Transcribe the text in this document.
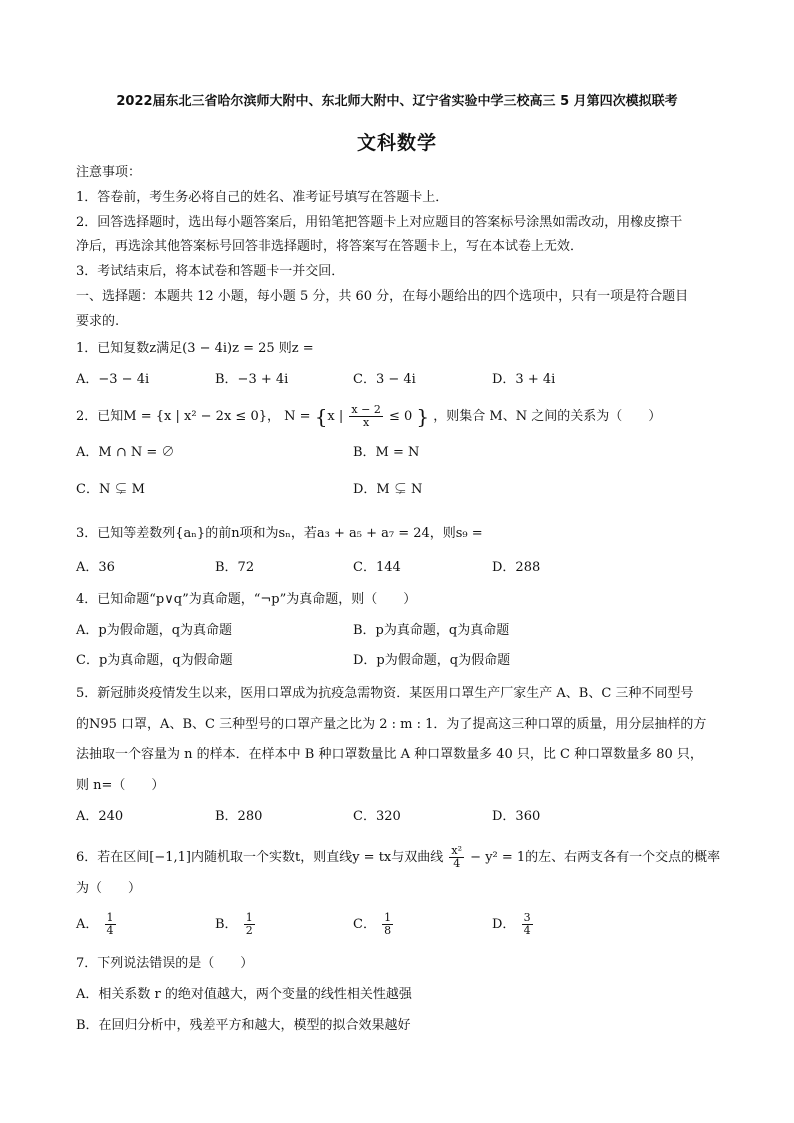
2022届东北三省哈尔滨师大附中、东北师大附中、辽宁省实验中学三校高三 5 月第四次模拟联考
文科数学
注意事项：
1．答卷前，考生务必将自己的姓名、准考证号填写在答题卡上．
2．回答选择题时，选出每小题答案后，用铅笔把答题卡上对应题目的答案标号涂黑如需改动，用橡皮擦干
净后，再选涂其他答案标号回答非选择题时，将答案写在答题卡上，写在本试卷上无效．
3．考试结束后，将本试卷和答题卡一并交回．
一、选择题：本题共 12 小题，每小题 5 分，共 60 分，在每小题给出的四个选项中，只有一项是符合题目
要求的.
1．已知复数z满足(3 − 4i)z = 25 则z =
A．−3 − 4i	B．−3 + 4i	C．3 − 4i	D．3 + 4i
2．已知M = {x | x² − 2x ≤ 0}， N = {x | $\frac{x - 2}{x} \le 0$ } ，则集合 M、N 之间的关系为（　　）
A．M ∩ N = ∅	B．M = N
C．N ⊊ M	D．M ⊊ N
3．已知等差数列{aₙ}的前n项和为sₙ，若a₃ + a₅ + a₇ = 24，则s₉ =
A．36	B．72	C．144	D．288
4．已知命题“p∨q”为真命题，“¬p”为真命题，则（　　）
A．p为假命题，q为真命题	B．p为真命题，q为真命题
C．p为真命题，q为假命题	D．p为假命题，q为假命题
5．新冠肺炎疫情发生以来，医用口罩成为抗疫急需物资．某医用口罩生产厂家生产 A、B、C 三种不同型号
的N95 口罩，A、B、C 三种型号的口罩产量之比为 2 : m : 1．为了提高这三种口罩的质量，用分层抽样的方
法抽取一个容量为 n 的样本．在样本中 B 种口罩数量比 A 种口罩数量多 40 只，比 C 种口罩数量多 80 只，
则 n=（　　）
A．240	B．280	C．320	D．360
6．若在区间[−1,1]内随机取一个实数t，则直线y = tx与双曲线 $\frac{\text{x²}}{4} - y^2 = 1$的左、右两支各有一个交点的概率
为（　　）
A． $\frac{1}{4}$	B． $\frac{1}{2}$	C． $\frac{1}{8}$	D． $\frac{3}{4}$
7．下列说法错误的是（　　）
A．相关系数 r 的绝对值越大，两个变量的线性相关性越强
B．在回归分析中，残差平方和越大，模型的拟合效果越好
